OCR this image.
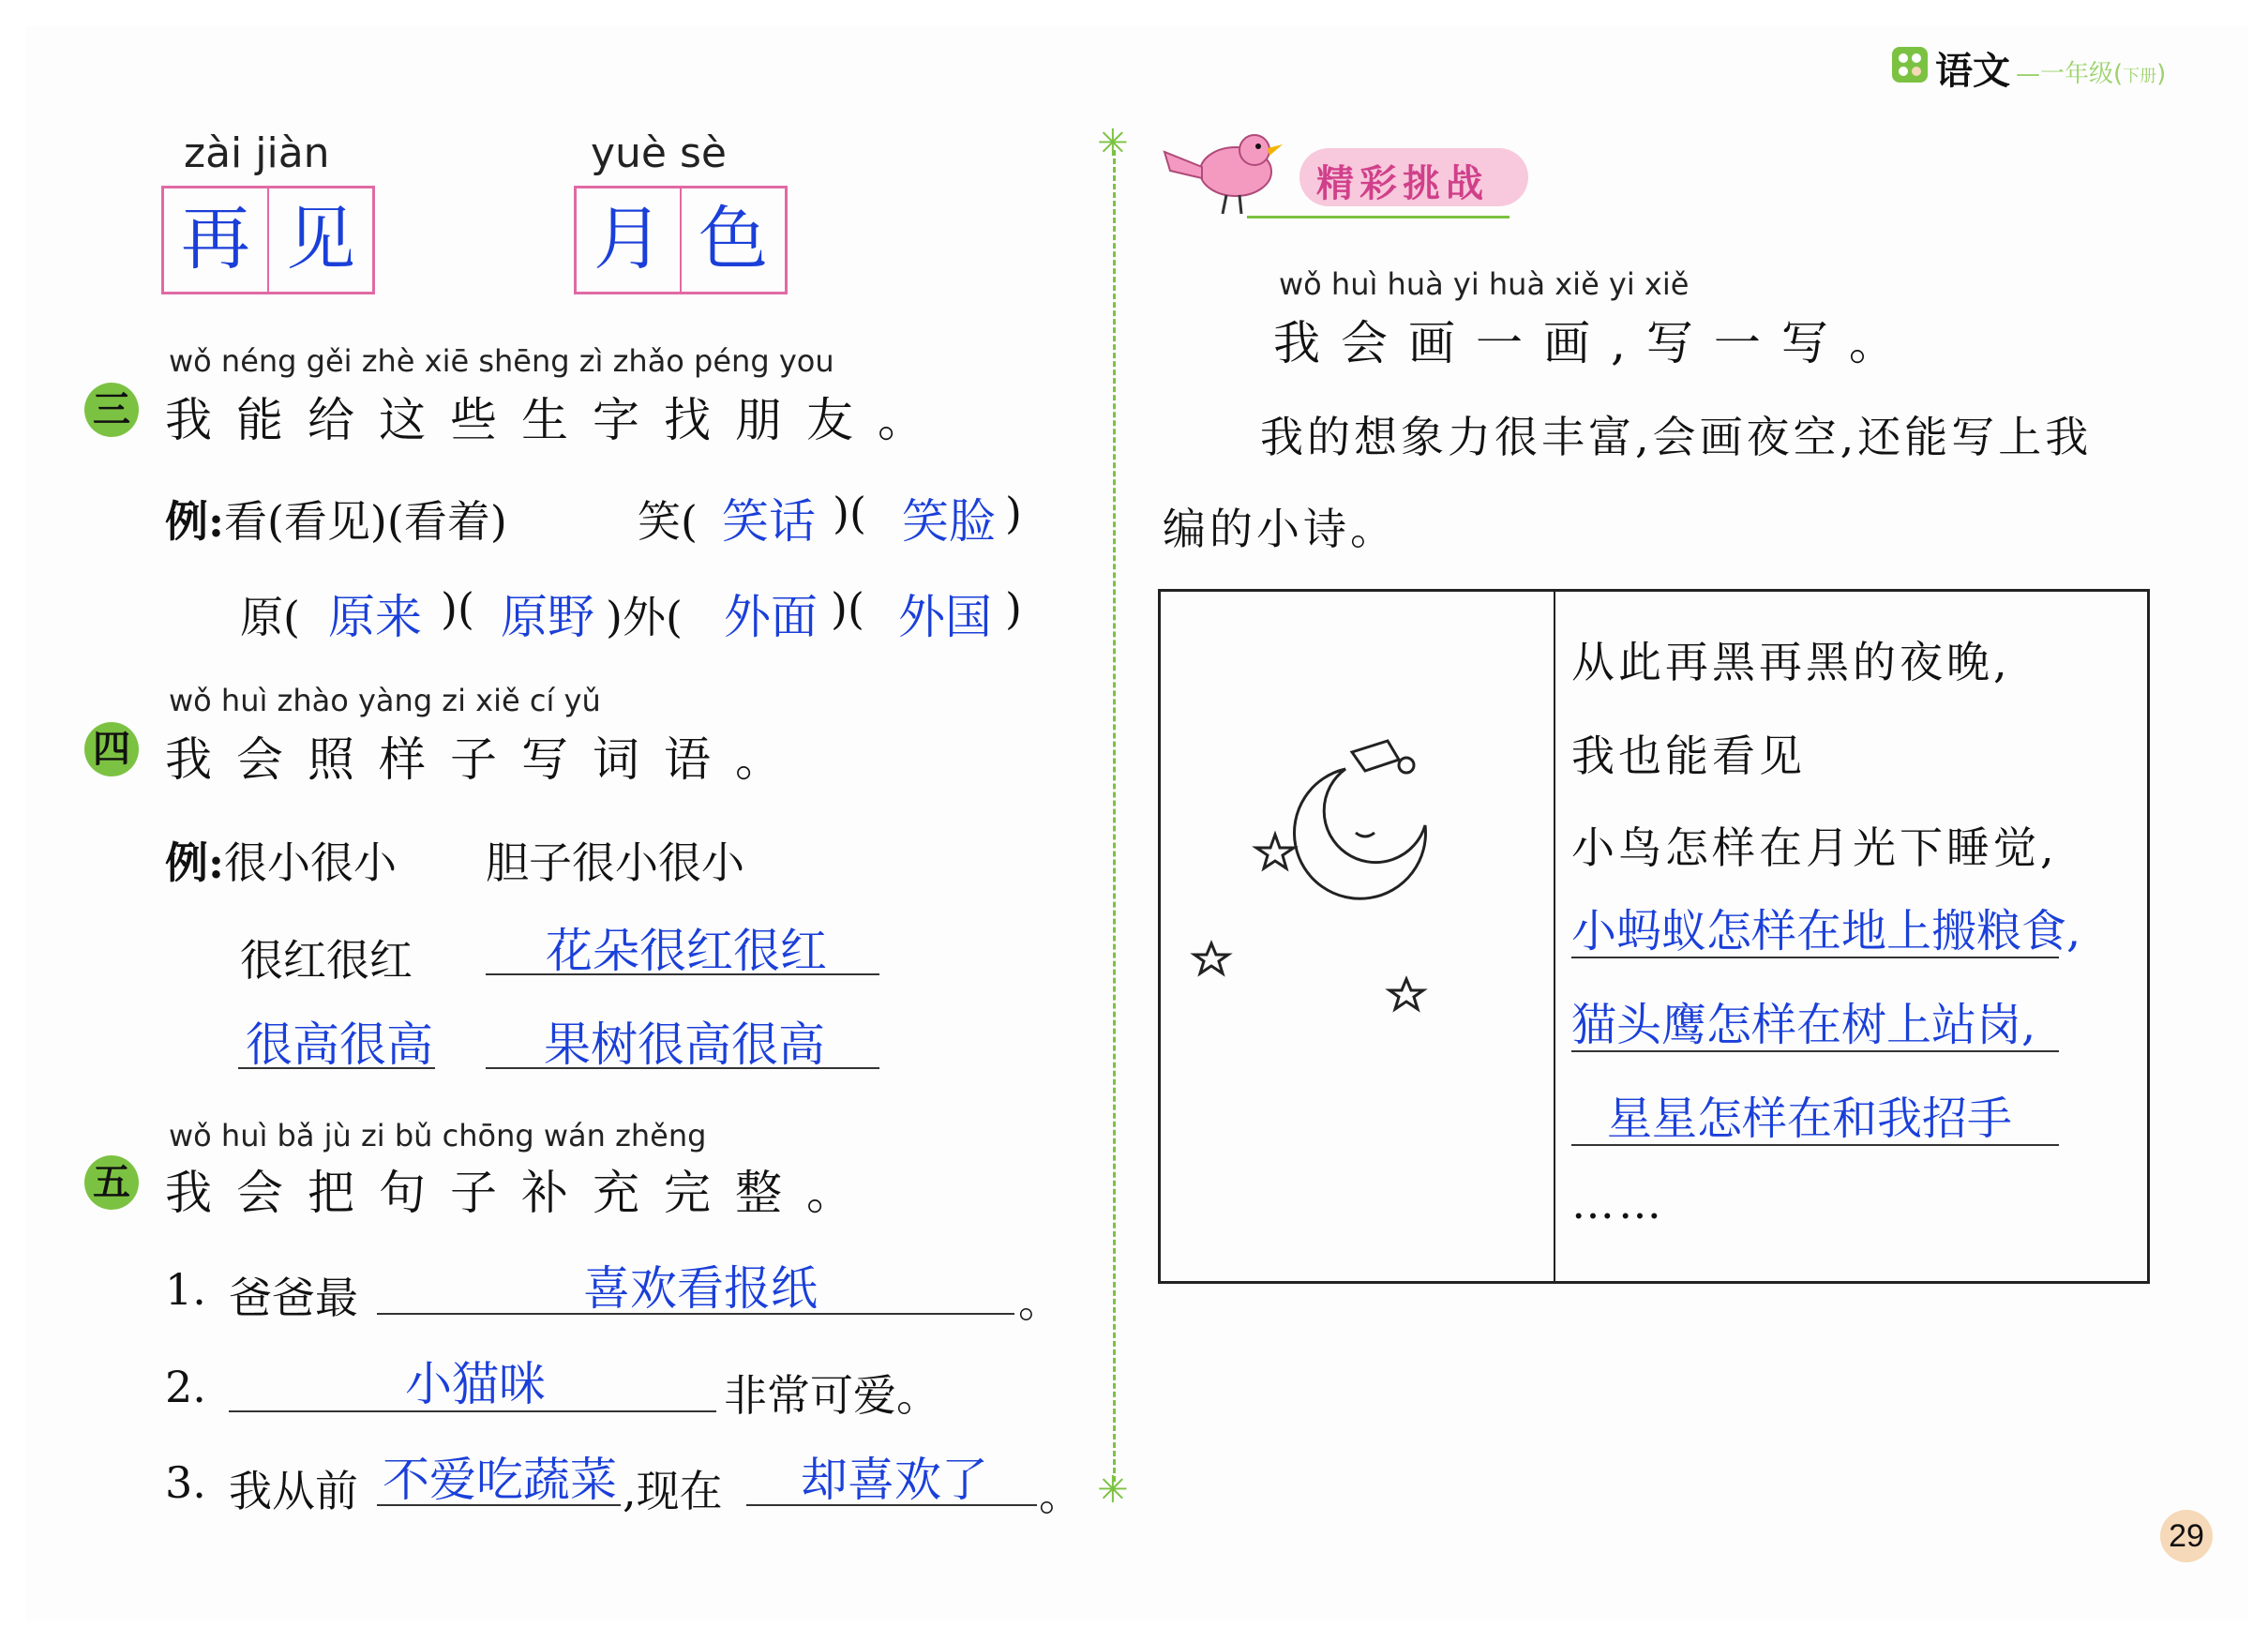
语文 —一年级(下册)
zài jiàn
再 见
yuè sè
月 色
wǒ néng gěi zhè xiē shēng zì zhǎo péng you
三 我能给这些生字找朋友。
例:看(看见)(看着)	笑( 笑话 )( 笑脸 )
原( 原来 )( 原野 )外( 外面 )( 外国 )
wǒ huì zhào yàng zi xiě cí yǔ
四 我会照样子写词语。
例:很小很小 胆子很小很小
很红很红	花朵很红很红
很高很高 果树很高很高
wǒ huì bǎ jù zi bǔ chōng wán zhěng
五 我会把句子补充完整。
1. 爸爸最	喜欢看报纸	。
2.	小猫咪	非常可爱。
3. 我从前 不爱吃蔬菜 ,现在 却喜欢了 。
✳
✳
精彩挑战
wǒ huì huà yi huà xiě yi xiě
我会画一画,写一写。
我的想象力很丰富,会画夜空,还能写上我
编的小诗。
从此再黑再黑的夜晚,
我也能看见
小鸟怎样在月光下睡觉,
小蚂蚁怎样在地上搬粮食,
猫头鹰怎样在树上站岗,
星星怎样在和我招手
……
29
